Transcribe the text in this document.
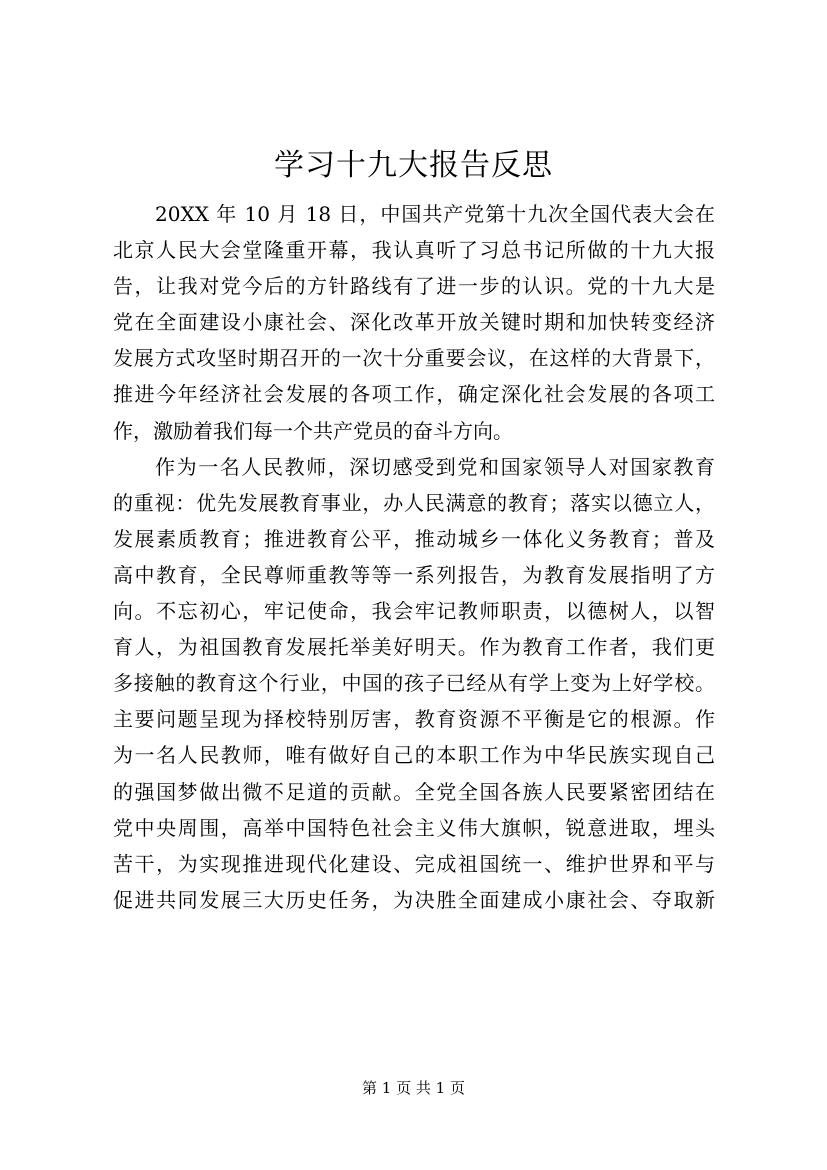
学习十九大报告反思
20XX 年 10 月 18 日，中国共产党第十九次全国代表大会在
北京人民大会堂隆重开幕，我认真听了习总书记所做的十九大报
告，让我对党今后的方针路线有了进一步的认识。党的十九大是
党在全面建设小康社会、深化改革开放关键时期和加快转变经济
发展方式攻坚时期召开的一次十分重要会议，在这样的大背景下，
推进今年经济社会发展的各项工作，确定深化社会发展的各项工
作，激励着我们每一个共产党员的奋斗方向。
作为一名人民教师，深切感受到党和国家领导人对国家教育
的重视：优先发展教育事业，办人民满意的教育；落实以德立人，
发展素质教育；推进教育公平，推动城乡一体化义务教育；普及
高中教育，全民尊师重教等等一系列报告，为教育发展指明了方
向。不忘初心，牢记使命，我会牢记教师职责，以德树人，以智
育人，为祖国教育发展托举美好明天。作为教育工作者，我们更
多接触的教育这个行业，中国的孩子已经从有学上变为上好学校。
主要问题呈现为择校特别厉害，教育资源不平衡是它的根源。作
为一名人民教师，唯有做好自己的本职工作为中华民族实现自己
的强国梦做出微不足道的贡献。全党全国各族人民要紧密团结在
党中央周围，高举中国特色社会主义伟大旗帜，锐意进取，埋头
苦干，为实现推进现代化建设、完成祖国统一、维护世界和平与
促进共同发展三大历史任务，为决胜全面建成小康社会、夺取新
第 1 页 共 1 页
